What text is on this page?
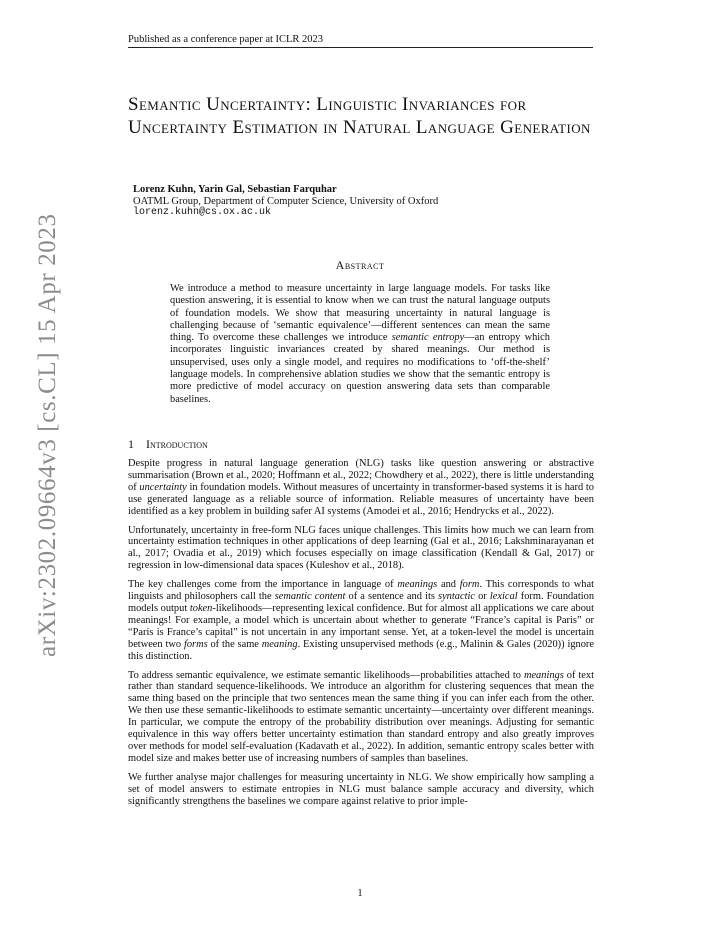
Published as a conference paper at ICLR 2023
Semantic Uncertainty: Linguistic Invariances for Uncertainty Estimation in Natural Language Generation
Lorenz Kuhn, Yarin Gal, Sebastian Farquhar
OATML Group, Department of Computer Science, University of Oxford
lorenz.kuhn@cs.ox.ac.uk
Abstract
We introduce a method to measure uncertainty in large language models. For tasks like question answering, it is essential to know when we can trust the natural language outputs of foundation models. We show that measuring uncertainty in natural language is challenging because of ‘semantic equivalence’—different sentences can mean the same thing. To overcome these challenges we introduce semantic entropy—an entropy which incorporates linguistic invariances created by shared meanings. Our method is unsupervised, uses only a single model, and requires no modifications to ‘off-the-shelf’ language models. In comprehensive ablation studies we show that the semantic entropy is more predictive of model accuracy on question answering data sets than comparable baselines.
1 Introduction

Despite progress in natural language generation (NLG) tasks like question answering or abstractive summarisation (Brown et al., 2020; Hoffmann et al., 2022; Chowdhery et al., 2022), there is little understanding of uncertainty in foundation models. Without measures of uncertainty in transformer-based systems it is hard to use generated language as a reliable source of information. Reliable measures of uncertainty have been identified as a key problem in building safer AI systems (Amodei et al., 2016; Hendrycks et al., 2022).

Unfortunately, uncertainty in free-form NLG faces unique challenges. This limits how much we can learn from uncertainty estimation techniques in other applications of deep learning (Gal et al., 2016; Lakshminarayanan et al., 2017; Ovadia et al., 2019) which focuses especially on image classification (Kendall & Gal, 2017) or regression in low-dimensional data spaces (Kuleshov et al., 2018).

The key challenges come from the importance in language of meanings and form. This corresponds to what linguists and philosophers call the semantic content of a sentence and its syntactic or lexical form. Foundation models output token-likelihoods—representing lexical confidence. But for almost all applications we care about meanings! For example, a model which is uncertain about whether to generate “France’s capital is Paris” or “Paris is France’s capital” is not uncertain in any important sense. Yet, at a token-level the model is uncertain between two forms of the same meaning. Existing unsupervised methods (e.g., Malinin & Gales (2020)) ignore this distinction.

To address semantic equivalence, we estimate semantic likelihoods—probabilities attached to meanings of text rather than standard sequence-likelihoods. We introduce an algorithm for clustering sequences that mean the same thing based on the principle that two sentences mean the same thing if you can infer each from the other. We then use these semantic-likelihoods to estimate semantic uncertainty—uncertainty over different meanings. In particular, we compute the entropy of the probability distribution over meanings. Adjusting for semantic equivalence in this way offers better uncertainty estimation than standard entropy and also greatly improves over methods for model self-evaluation (Kadavath et al., 2022). In addition, semantic entropy scales better with model size and makes better use of increasing numbers of samples than baselines.

We further analyse major challenges for measuring uncertainty in NLG. We show empirically how sampling a set of model answers to estimate entropies in NLG must balance sample accuracy and diversity, which significantly strengthens the baselines we compare against relative to prior imple-

1
arXiv:2302.09664v3 [cs.CL] 15 Apr 2023
